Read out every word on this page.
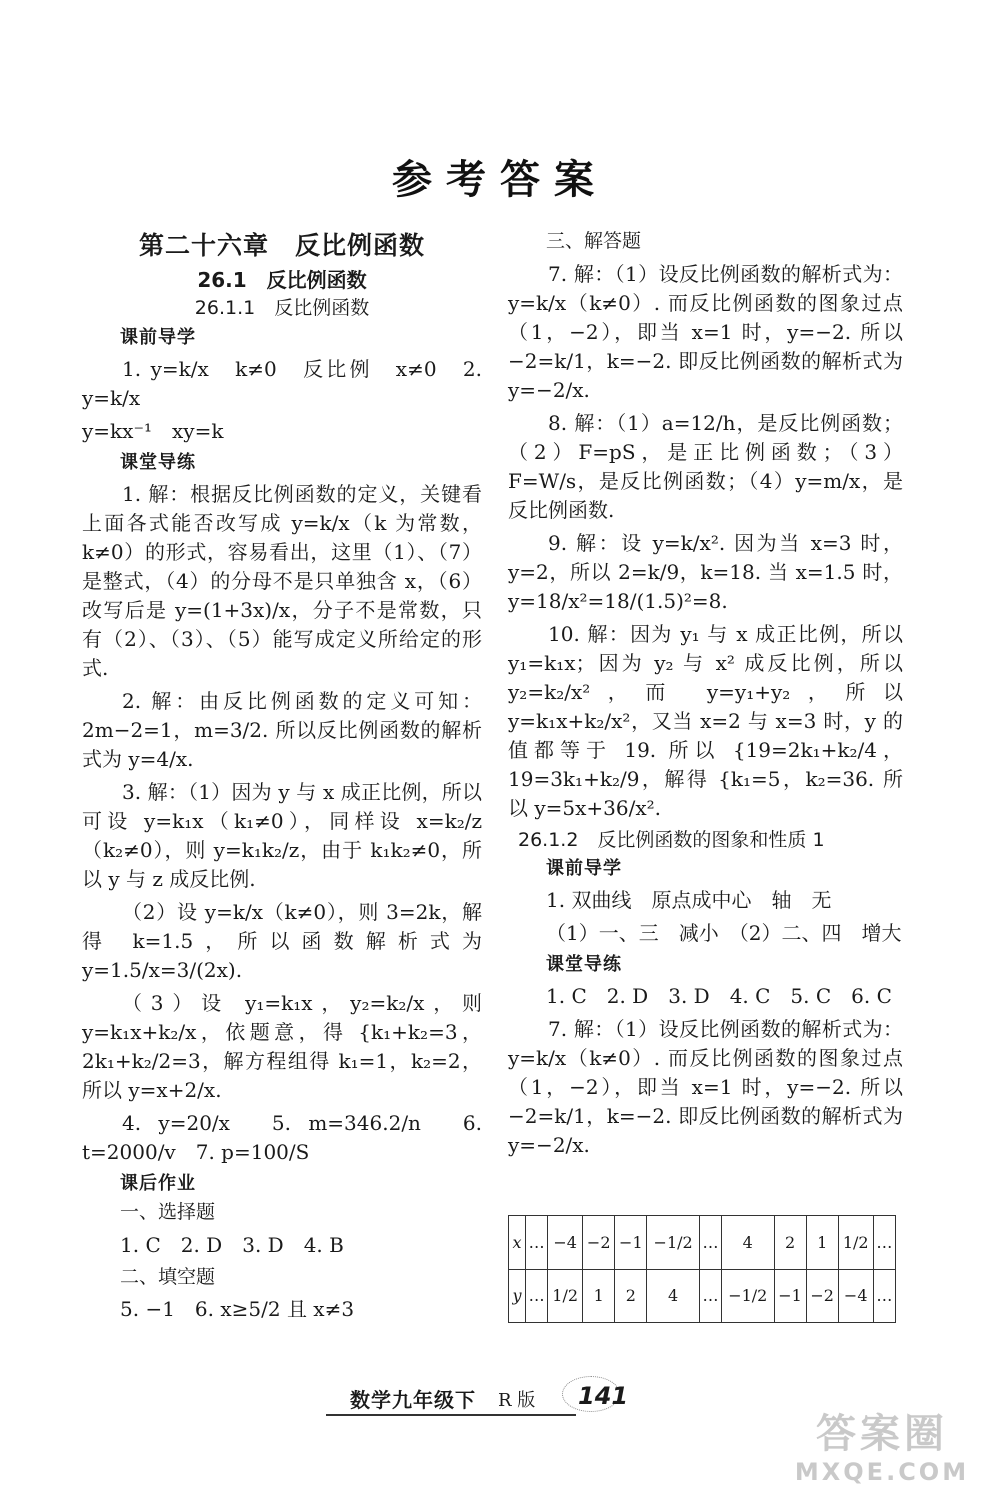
参考答案
第二十六章　反比例函数
26.1　反比例函数
26.1.1　反比例函数
课前导学
1. y=k/x　k≠0　反比例　x≠0　2. y=k/x
y=kx⁻¹　xy=k
课堂导练
1. 解：根据反比例函数的定义，关键看上面各式能否改写成 y=k/x（k 为常数，k≠0）的形式，容易看出，这里（1）、（7）是整式，（4）的分母不是只单独含 x，（6）改写后是 y=(1+3x)/x，分子不是常数，只有（2）、（3）、（5）能写成定义所给定的形式.
2. 解：由反比例函数的定义可知：2m−2=1，m=3/2. 所以反比例函数的解析式为 y=4/x.
3. 解：（1）因为 y 与 x 成正比例，所以可设 y=k₁x（k₁≠0），同样设 x=k₂/z（k₂≠0），则 y=k₁k₂/z，由于 k₁k₂≠0，所以 y 与 z 成反比例.
（2）设 y=k/x（k≠0），则 3=2k，解得 k=1.5，所以函数解析式为 y=1.5/x=3/(2x).
（3）设 y₁=k₁x，y₂=k₂/x，则 y=k₁x+k₂/x，依题意，得 {k₁+k₂=3，2k₁+k₂/2=3，解方程组得 k₁=1，k₂=2，所以 y=x+2/x.
4. y=20/x　5. m=346.2/n　6. t=2000/v　7. p=100/S
课后作业
一、选择题
1. C　2. D　3. D　4. B
二、填空题
5. −1　6. x≥5/2 且 x≠3
三、解答题
7. 解：（1）设反比例函数的解析式为：y=k/x（k≠0）. 而反比例函数的图象过点（1，−2），即当 x=1 时，y=−2. 所以 −2=k/1，k=−2. 即反比例函数的解析式为 y=−2/x.
8. 解：（1）a=12/h，是反比例函数；（2）F=pS，是正比例函数；（3）F=W/s，是反比例函数；（4）y=m/x，是反比例函数.
9. 解：设 y=k/x². 因为当 x=3 时，y=2，所以 2=k/9，k=18. 当 x=1.5 时，y=18/x²=18/(1.5)²=8.
10. 解：因为 y₁ 与 x 成正比例，所以 y₁=k₁x；因为 y₂ 与 x² 成反比例，所以 y₂=k₂/x²，而 y=y₁+y₂，所以 y=k₁x+k₂/x²，又当 x=2 与 x=3 时，y 的值都等于 19. 所以 {19=2k₁+k₂/4，19=3k₁+k₂/9，解得 {k₁=5，k₂=36. 所以 y=5x+36/x².
26.1.2　反比例函数的图象和性质 1
课前导学
1. 双曲线　原点成中心　轴　无
（1）一、三　减小　（2）二、四　增大
课堂导练
1. C　2. D　3. D　4. C　5. C　6. C
7. 解：（1）设反比例函数的解析式为：y=k/x（k≠0）. 而反比例函数的图象过点（1，−2），即当 x=1 时，y=−2. 所以 −2=k/1，k=−2. 即反比例函数的解析式为 y=−2/x.
x	…	−4	−2	−1	−1/2	…	4	2	1	1/2	…
y	…	1/2	1	2	4	…	−1/2	−1	−2	−4	…
数学九年级下 R 版 141
答案圈
MXQE.COM
